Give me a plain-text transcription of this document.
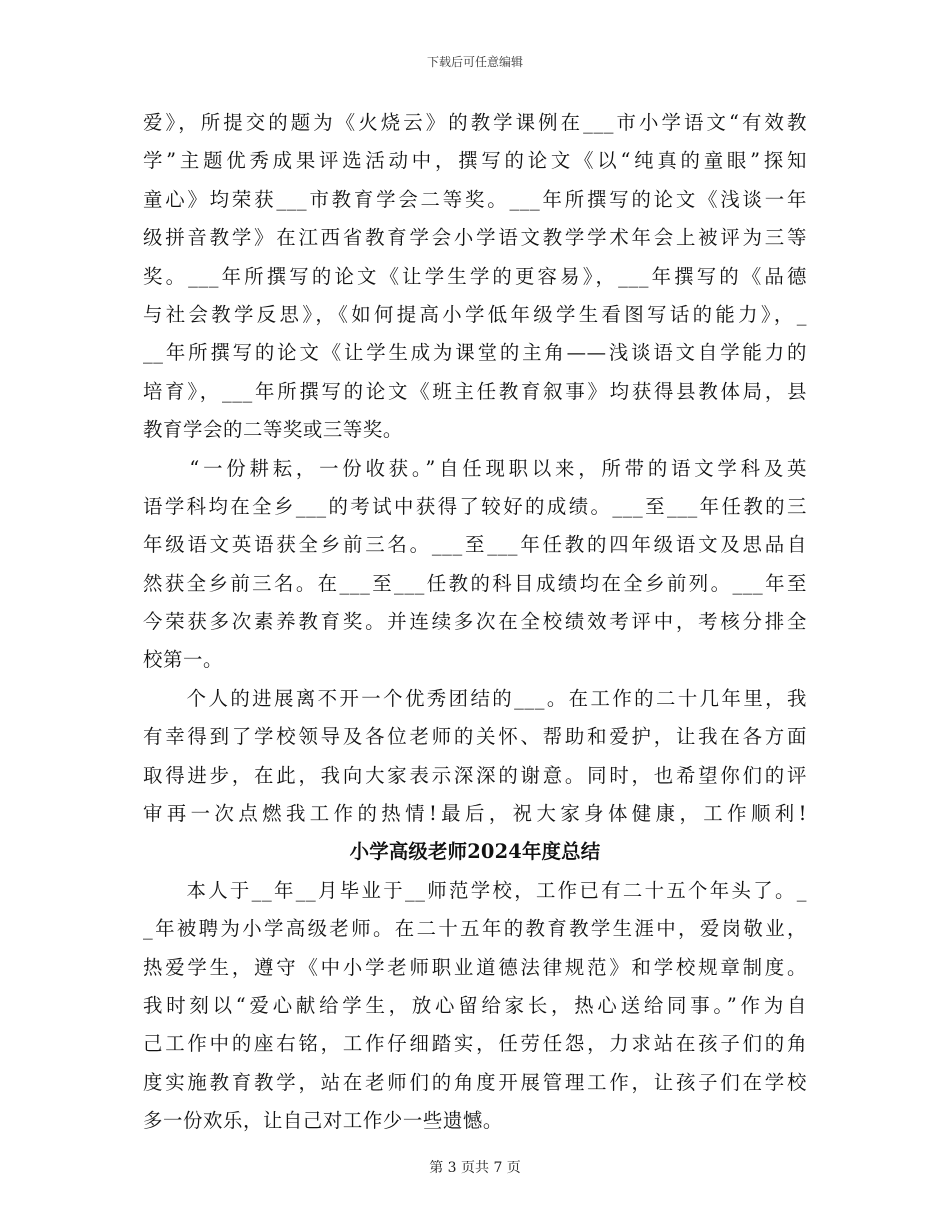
下载后可任意编辑
爱》，所提交的题为《火烧云》的教学课例在___市小学语文“有效教
学”主题优秀成果评选活动中，撰写的论文《以“纯真的童眼”探知
童心》均荣获___市教育学会二等奖。___年所撰写的论文《浅谈一年
级拼音教学》在江西省教育学会小学语文教学学术年会上被评为三等
奖。___年所撰写的论文《让学生学的更容易》，___年撰写的《品德
与社会教学反思》，《如何提高小学低年级学生看图写话的能力》，_
__年所撰写的论文《让学生成为课堂的主角——浅谈语文自学能力的
培育》，___年所撰写的论文《班主任教育叙事》均获得县教体局，县
教育学会的二等奖或三等奖。
　　“一份耕耘，一份收获。”自任现职以来，所带的语文学科及英
语学科均在全乡___的考试中获得了较好的成绩。___至___年任教的三
年级语文英语获全乡前三名。___至___年任教的四年级语文及思品自
然获全乡前三名。在___至___任教的科目成绩均在全乡前列。___年至
今荣获多次素养教育奖。并连续多次在全校绩效考评中，考核分排全
校第一。
　　个人的进展离不开一个优秀团结的___。在工作的二十几年里，我
有幸得到了学校领导及各位老师的关怀、帮助和爱护，让我在各方面
取得进步，在此，我向大家表示深深的谢意。同时，也希望你们的评
审再一次点燃我工作的热情!最后，祝大家身体健康，工作顺利!
小学高级老师2024年度总结
　　本人于__年__月毕业于__师范学校，工作已有二十五个年头了。_
_年被聘为小学高级老师。在二十五年的教育教学生涯中，爱岗敬业，
热爱学生，遵守《中小学老师职业道德法律规范》和学校规章制度。
我时刻以“爱心献给学生，放心留给家长，热心送给同事。”作为自
己工作中的座右铭，工作仔细踏实，任劳任怨，力求站在孩子们的角
度实施教育教学，站在老师们的角度开展管理工作，让孩子们在学校
多一份欢乐，让自己对工作少一些遗憾。
第 3 页共 7 页
